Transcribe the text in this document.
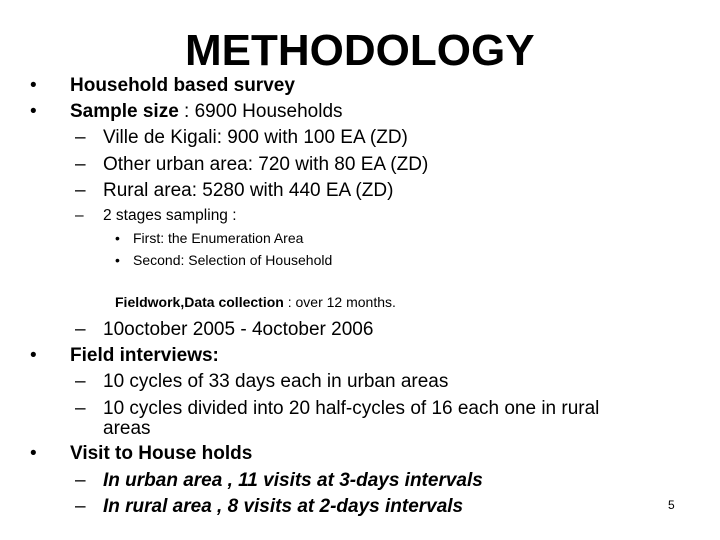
METHODOLOGY
• Household based survey
• Sample size : 6900 Households
– Ville de Kigali: 900 with 100 EA (ZD)
– Other urban area: 720 with 80 EA (ZD)
– Rural area: 5280 with 440 EA (ZD)
– 2 stages sampling :
• First: the Enumeration Area
• Second: Selection of Household
Fieldwork,Data collection : over 12 months.
– 10october 2005 - 4october 2006
• Field interviews:
– 10 cycles of 33 days each in urban areas
– 10 cycles divided into 20 half-cycles of 16 each one in rural
areas
• Visit to House holds
– In urban area , 11 visits at 3-days intervals
– In rural area , 8 visits at 2-days intervals	5
